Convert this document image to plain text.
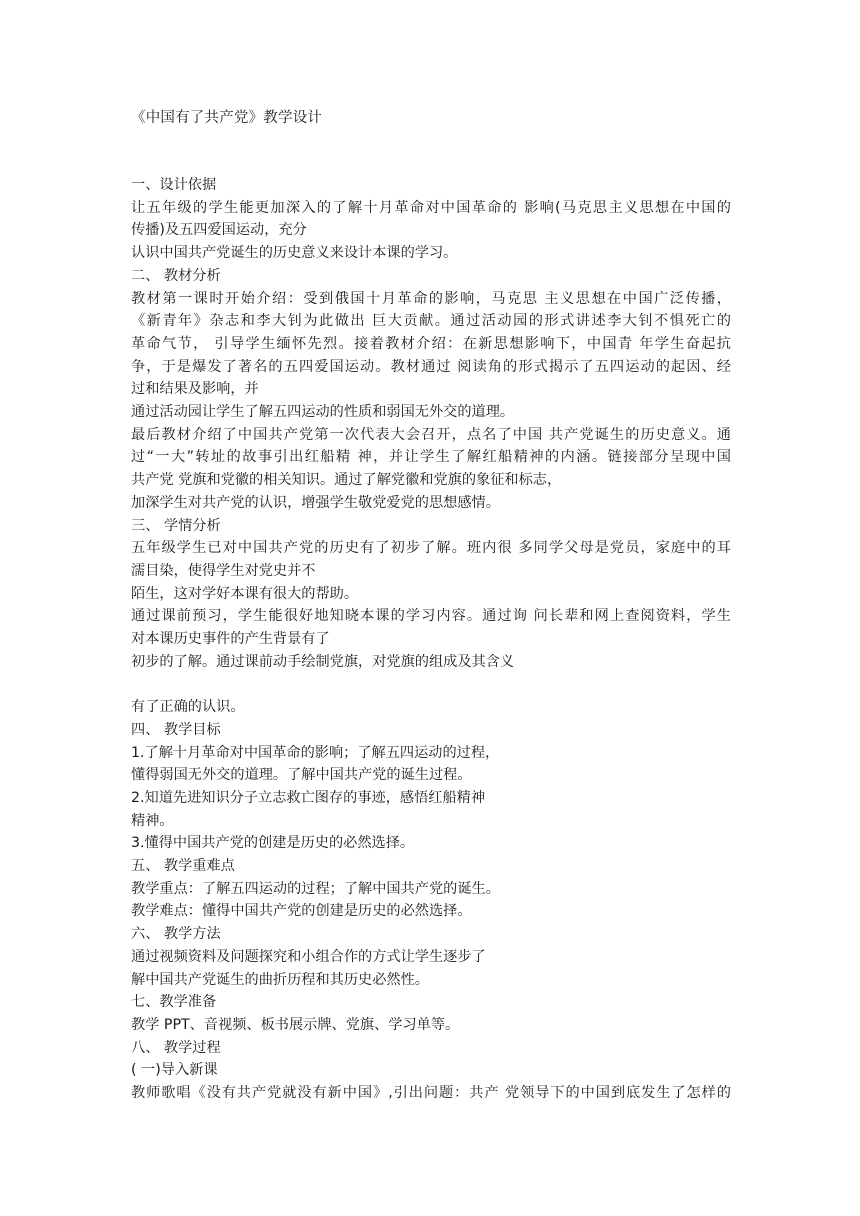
《中国有了共产党》教学设计
一、设计依据
让五年级的学生能更加深入的了解十月革命对中国革命的 影响(马克思主义思想在中国的
传播)及五四爱国运动，充分
认识中国共产党诞生的历史意义来设计本课的学习。
二、 教材分析
教材第一课时开始介绍：受到俄国十月革命的影响，马克思 主义思想在中国广泛传播，
《新青年》杂志和李大钊为此做出 巨大贡献。通过活动园的形式讲述李大钊不惧死亡的
革命气节， 引导学生缅怀先烈。接着教材介绍：在新思想影响下，中国青 年学生奋起抗
争，于是爆发了著名的五四爱国运动。教材通过 阅读角的形式揭示了五四运动的起因、经
过和结果及影响，并
通过活动园让学生了解五四运动的性质和弱国无外交的道理。
最后教材介绍了中国共产党第一次代表大会召开，点名了中国 共产党诞生的历史意义。通
过“一大”转址的故事引出红船精 神，并让学生了解红船精神的内涵。链接部分呈现中国
共产党 党旗和党徽的相关知识。通过了解党徽和党旗的象征和标志，
加深学生对共产党的认识，增强学生敬党爱党的思想感情。
三、 学情分析
五年级学生已对中国共产党的历史有了初步了解。班内很 多同学父母是党员，家庭中的耳
濡目染，使得学生对党史并不
陌生，这对学好本课有很大的帮助。
通过课前预习，学生能很好地知晓本课的学习内容。通过询 问长辈和网上查阅资料，学生
对本课历史事件的产生背景有了
初步的了解。通过课前动手绘制党旗，对党旗的组成及其含义
有了正确的认识。
四、 教学目标
1.了解十月革命对中国革命的影响；了解五四运动的过程，
懂得弱国无外交的道理。了解中国共产党的诞生过程。
2.知道先进知识分子立志救亡图存的事迹，感悟红船精神
精神。
3.懂得中国共产党的创建是历史的必然选择。
五、 教学重难点
教学重点：了解五四运动的过程；了解中国共产党的诞生。
教学难点：懂得中国共产党的创建是历史的必然选择。
六、 教学方法
通过视频资料及问题探究和小组合作的方式让学生逐步了
解中国共产党诞生的曲折历程和其历史必然性。
七、教学准备
教学 PPT、音视频、板书展示牌、党旗、学习单等。
八、 教学过程
( 一)导入新课
教师歌唱《没有共产党就没有新中国》,引出问题：共产 党领导下的中国到底发生了怎样的
